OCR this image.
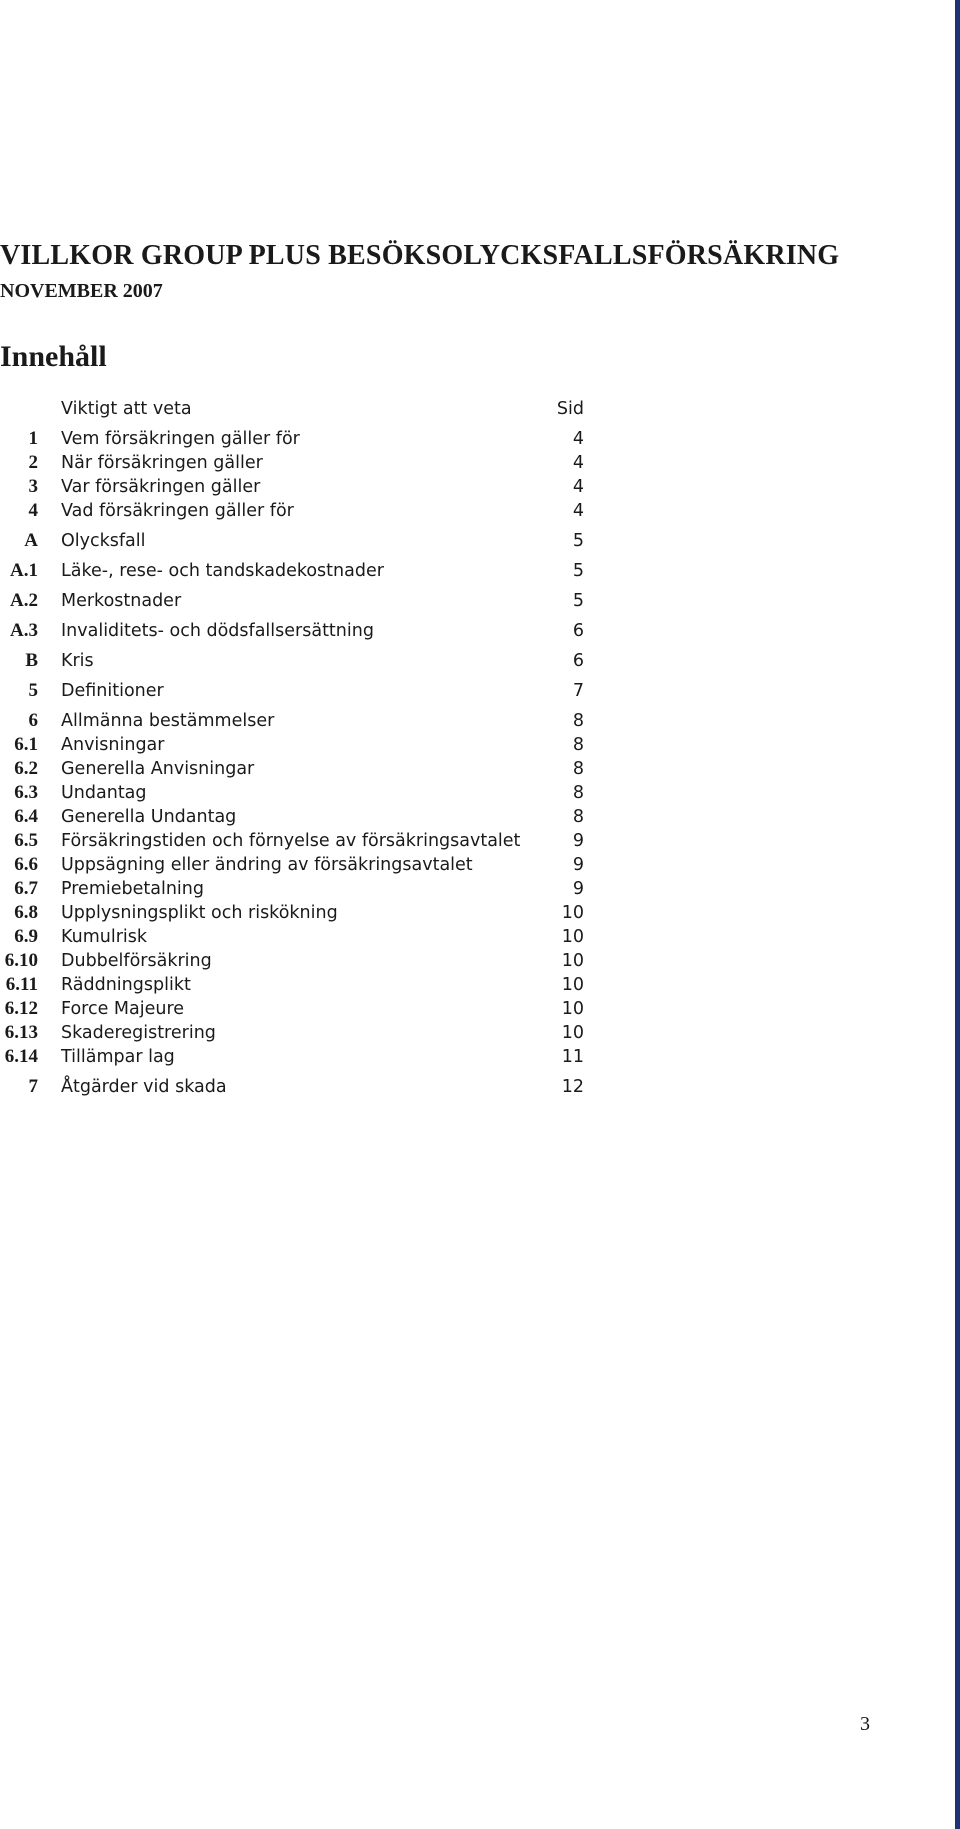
VILLKOR GROUP PLUS BESÖKSOLYCKSFALLSFÖRSÄKRING
NOVEMBER 2007
Innehåll
Viktigt att veta	Sid
1 Vem försäkringen gäller för	4
2 När försäkringen gäller	4
3 Var försäkringen gäller	4
4 Vad försäkringen gäller för	4
A Olycksfall	5
A.1 Läke-, rese- och tandskadekostnader	5
A.2 Merkostnader	5
A.3 Invaliditets- och dödsfallsersättning	6
B Kris	6
5 Definitioner	7
6 Allmänna bestämmelser	8
6.1 Anvisningar	8
6.2 Generella Anvisningar	8
6.3 Undantag	8
6.4 Generella Undantag	8
6.5 Försäkringstiden och förnyelse av försäkringsavtalet	9
6.6 Uppsägning eller ändring av försäkringsavtalet	9
6.7 Premiebetalning	9
6.8 Upplysningsplikt och riskökning	10
6.9 Kumulrisk	10
6.10 Dubbelförsäkring	10
6.11 Räddningsplikt	10
6.12 Force Majeure	10
6.13 Skaderegistrering	10
6.14 Tillämpar lag	11
7 Åtgärder vid skada	12
3
